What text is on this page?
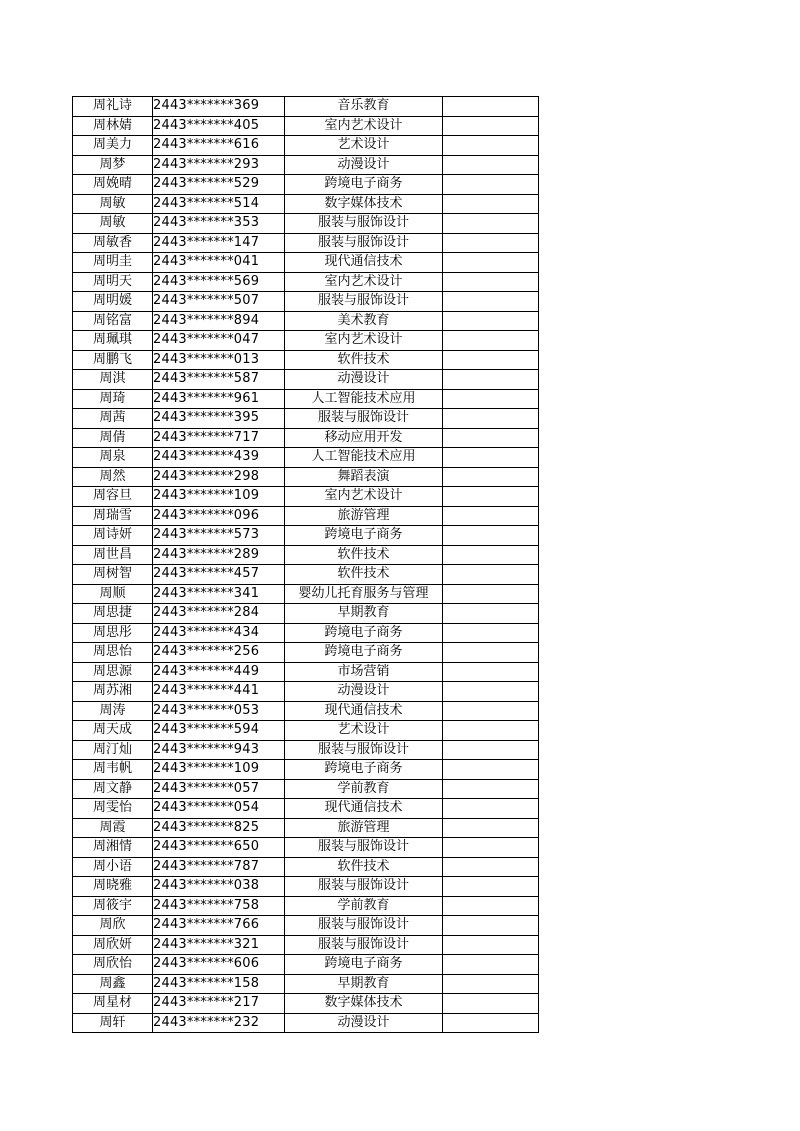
周礼诗	2443*******369	音乐教育	
周林婧	2443*******405	室内艺术设计	
周美力	2443*******616	艺术设计	
周梦	2443*******293	动漫设计	
周娩晴	2443*******529	跨境电子商务	
周敏	2443*******514	数字媒体技术	
周敏	2443*******353	服装与服饰设计	
周敏香	2443*******147	服装与服饰设计	
周明圭	2443*******041	现代通信技术	
周明天	2443*******569	室内艺术设计	
周明媛	2443*******507	服装与服饰设计	
周铭富	2443*******894	美术教育	
周珮琪	2443*******047	室内艺术设计	
周鹏飞	2443*******013	软件技术	
周淇	2443*******587	动漫设计	
周琦	2443*******961	人工智能技术应用	
周茜	2443*******395	服装与服饰设计	
周倩	2443*******717	移动应用开发	
周泉	2443*******439	人工智能技术应用	
周然	2443*******298	舞蹈表演	
周容旦	2443*******109	室内艺术设计	
周瑞雪	2443*******096	旅游管理	
周诗妍	2443*******573	跨境电子商务	
周世昌	2443*******289	软件技术	
周树智	2443*******457	软件技术	
周顺	2443*******341	婴幼儿托育服务与管理	
周思捷	2443*******284	早期教育	
周思彤	2443*******434	跨境电子商务	
周思怡	2443*******256	跨境电子商务	
周思源	2443*******449	市场营销	
周苏湘	2443*******441	动漫设计	
周涛	2443*******053	现代通信技术	
周天成	2443*******594	艺术设计	
周汀灿	2443*******943	服装与服饰设计	
周韦帆	2443*******109	跨境电子商务	
周文静	2443*******057	学前教育	
周雯怡	2443*******054	现代通信技术	
周霞	2443*******825	旅游管理	
周湘情	2443*******650	服装与服饰设计	
周小语	2443*******787	软件技术	
周晓雅	2443*******038	服装与服饰设计	
周筱宇	2443*******758	学前教育	
周欣	2443*******766	服装与服饰设计	
周欣妍	2443*******321	服装与服饰设计	
周欣怡	2443*******606	跨境电子商务	
周鑫	2443*******158	早期教育	
周星材	2443*******217	数字媒体技术	
周轩	2443*******232	动漫设计	
